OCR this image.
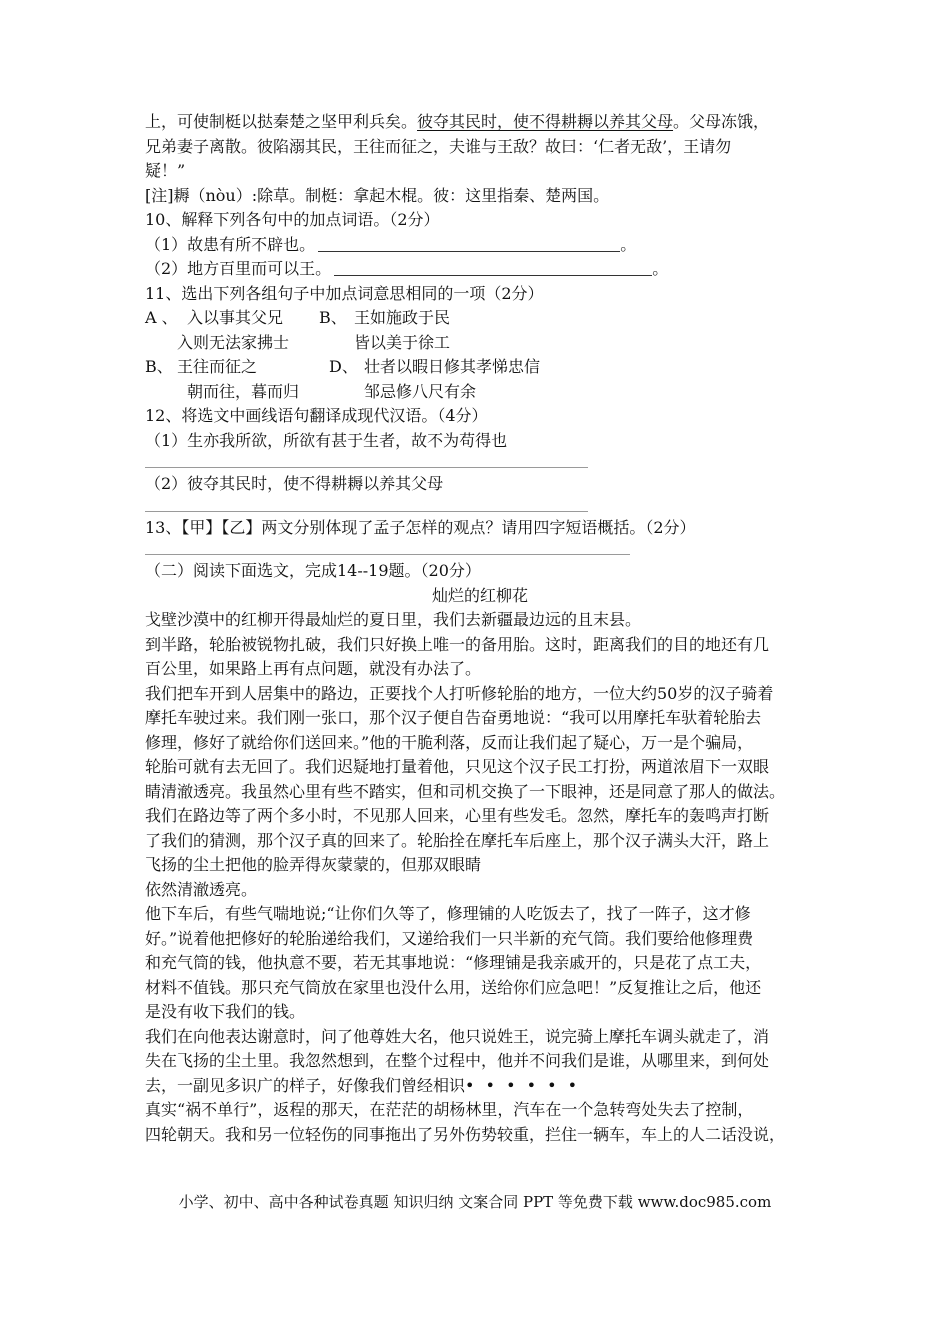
上，可使制梃以挞秦楚之坚甲利兵矣。彼夺其民时，使不得耕耨以养其父母。父母冻饿，
兄弟妻子离散。彼陷溺其民，王往而征之，夫谁与王敌？故曰：‘仁者无敌’，王请勿
疑！”
[注]耨（nòu）:除草。制梃：拿起木棍。彼：这里指秦、楚两国。
10、解释下列各句中的加点词语。（2分）
（1）故患有所不辟也。	。
（2）地方百里而可以王。	。
11、选出下列各组句子中加点词意思相同的一项（2分）
A 、 入以事其父兄 B、 王如施政于民
入则无法家拂士	皆以美于徐工
B、 王往而征之	D、 壮者以暇日修其孝悌忠信
朝而往，暮而归	邹忌修八尺有余
12、将选文中画线语句翻译成现代汉语。（4分）
（1）生亦我所欲，所欲有甚于生者，故不为苟得也
（2）彼夺其民时，使不得耕耨以养其父母
13、【甲】【乙】两文分别体现了孟子怎样的观点？请用四字短语概括。（2分）
（二）阅读下面选文，完成14--19题。（20分）
灿烂的红柳花
戈壁沙漠中的红柳开得最灿烂的夏日里，我们去新疆最边远的且末县。
到半路，轮胎被锐物扎破，我们只好换上唯一的备用胎。这时，距离我们的目的地还有几
百公里，如果路上再有点问题，就没有办法了。
我们把车开到人居集中的路边，正要找个人打听修轮胎的地方，一位大约50岁的汉子骑着
摩托车驶过来。我们刚一张口，那个汉子便自告奋勇地说：“我可以用摩托车驮着轮胎去
修理，修好了就给你们送回来。”他的干脆利落，反而让我们起了疑心，万一是个骗局，
轮胎可就有去无回了。我们迟疑地打量着他，只见这个汉子民工打扮，两道浓眉下一双眼
睛清澈透亮。我虽然心里有些不踏实，但和司机交换了一下眼神，还是同意了那人的做法。
我们在路边等了两个多小时，不见那人回来，心里有些发毛。忽然，摩托车的轰鸣声打断
了我们的猜测，那个汉子真的回来了。轮胎拴在摩托车后座上，那个汉子满头大汗，路上
飞扬的尘土把他的脸弄得灰蒙蒙的，但那双眼睛
依然清澈透亮。
他下车后，有些气喘地说;“让你们久等了，修理铺的人吃饭去了，找了一阵子，这才修
好。”说着他把修好的轮胎递给我们，又递给我们一只半新的充气筒。我们要给他修理费
和充气筒的钱，他执意不要，若无其事地说：“修理铺是我亲戚开的，只是花了点工夫，
材料不值钱。那只充气筒放在家里也没什么用，送给你们应急吧！”反复推让之后，他还
是没有收下我们的钱。
我们在向他表达谢意时，问了他尊姓大名，他只说姓王，说完骑上摩托车调头就走了，消
失在飞扬的尘土里。我忽然想到，在整个过程中，他并不问我们是谁，从哪里来，到何处
去，一副见多识广的样子，好像我们曾经相识• • • • • •
真实“祸不单行”，返程的那天，在茫茫的胡杨林里，汽车在一个急转弯处失去了控制，
四轮朝天。我和另一位轻伤的同事拖出了另外伤势较重，拦住一辆车，车上的人二话没说，
小学、初中、高中各种试卷真题 知识归纳 文案合同 PPT 等免费下载 www.doc985.com
